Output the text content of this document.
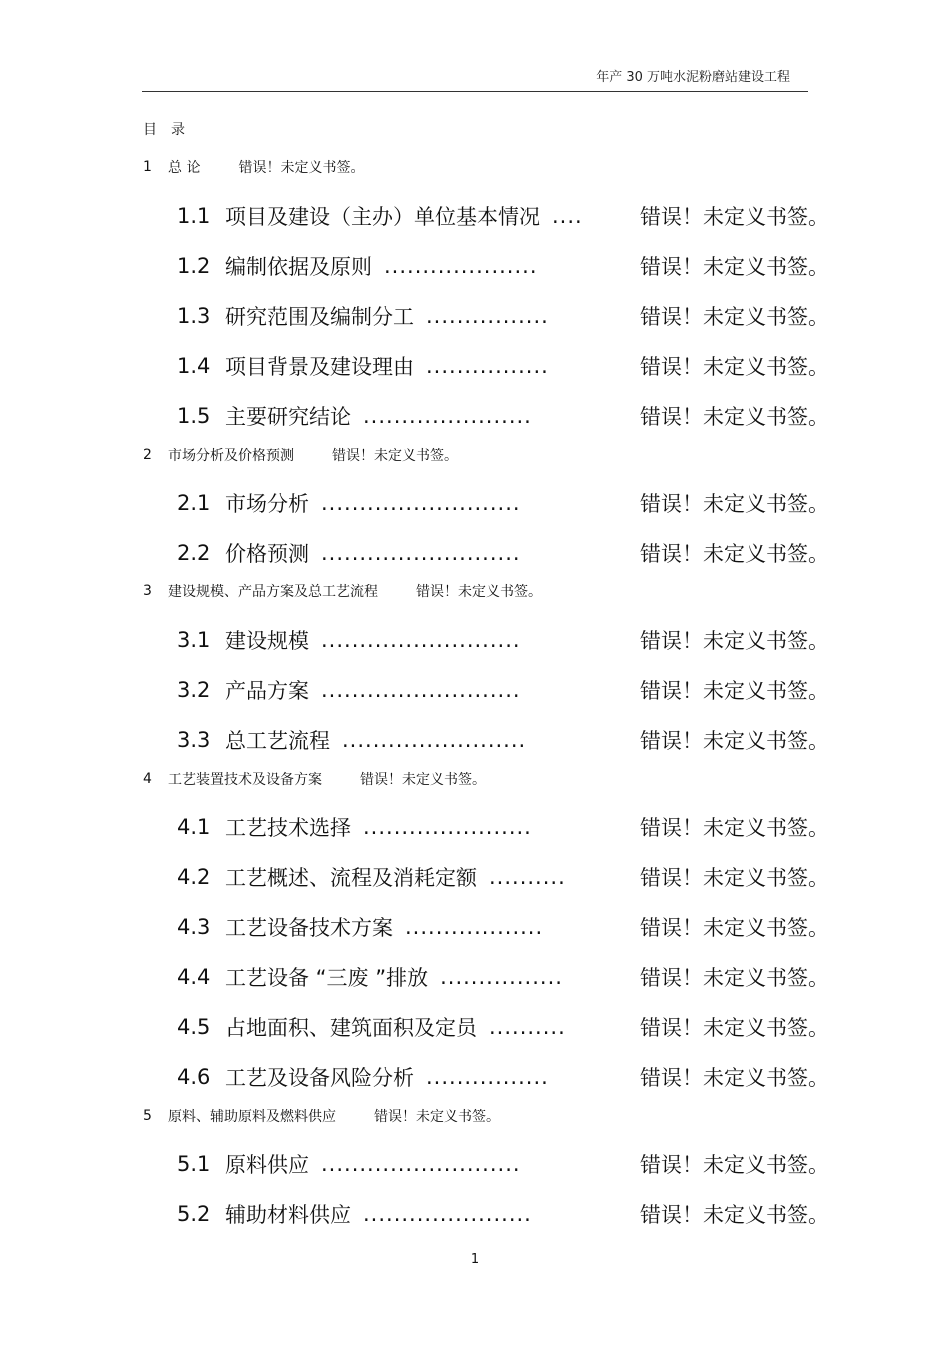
年产 30 万吨水泥粉磨站建设工程
目录
1	总 论	错误！未定义书签。
1.1 项目及建设（主办）单位基本情况 ....	错误！未定义书签。
1.2 编制依据及原则 ....................	错误！未定义书签。
1.3 研究范围及编制分工 ................	错误！未定义书签。
1.4 项目背景及建设理由 ................	错误！未定义书签。
1.5 主要研究结论 ......................	错误！未定义书签。
2	市场分析及价格预测	错误！未定义书签。
2.1 市场分析 ..........................	错误！未定义书签。
2.2 价格预测 ..........................	错误！未定义书签。
3	建设规模、产品方案及总工艺流程	错误！未定义书签。
3.1 建设规模 ..........................	错误！未定义书签。
3.2 产品方案 ..........................	错误！未定义书签。
3.3 总工艺流程 ........................	错误！未定义书签。
4	工艺装置技术及设备方案	错误！未定义书签。
4.1 工艺技术选择 ......................	错误！未定义书签。
4.2 工艺概述、流程及消耗定额 ..........	错误！未定义书签。
4.3 工艺设备技术方案 ..................	错误！未定义书签。
4.4 工艺设备 “三废 ”排放 ................	错误！未定义书签。
4.5 占地面积、建筑面积及定员 ..........	错误！未定义书签。
4.6 工艺及设备风险分析 ................	错误！未定义书签。
5	原料、辅助原料及燃料供应	错误！未定义书签。
5.1 原料供应 ..........................	错误！未定义书签。
5.2 辅助材料供应 ......................	错误！未定义书签。
1
